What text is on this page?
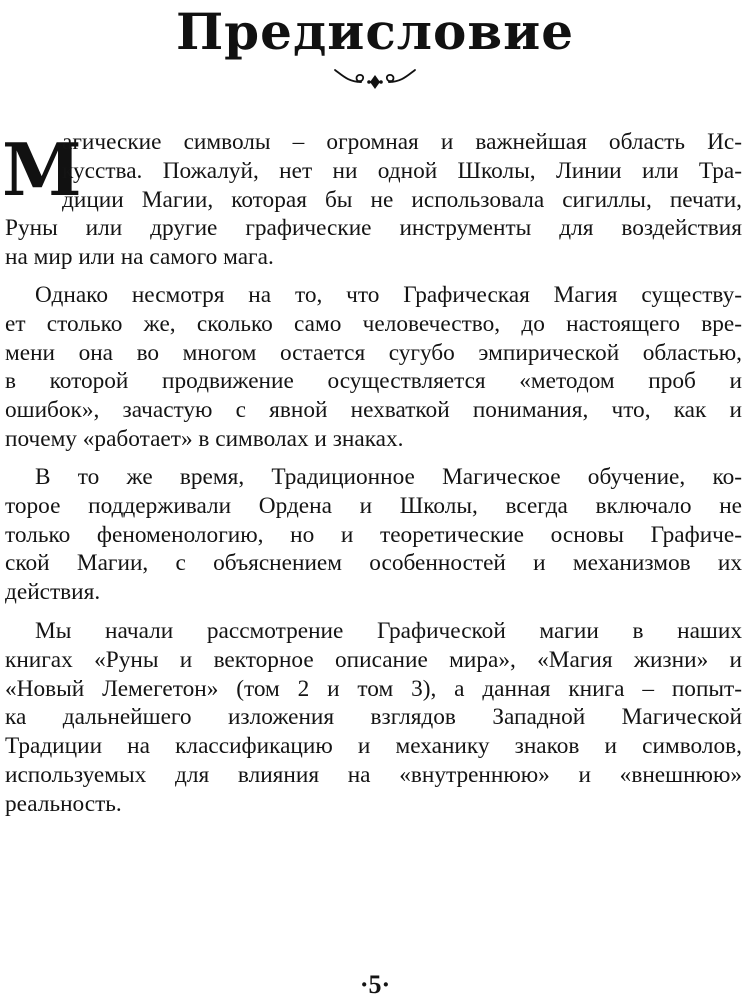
Предисловие
М
агические символы – огромная и важнейшая область Ис-
кусства. Пожалуй, нет ни одной Школы, Линии или Тра-
диции Магии, которая бы не использовала сигиллы, печати,
Руны или другие графические инструменты для воздействия
на мир или на самого мага.
Однако несмотря на то, что Графическая Магия существу-
ет столько же, сколько само человечество, до настоящего вре-
мени она во многом остается сугубо эмпирической областью,
в которой продвижение осуществляется «методом проб и
ошибок», зачастую с явной нехваткой понимания, что, как и
почему «работает» в символах и знаках.
В то же время, Традиционное Магическое обучение, ко-
торое поддерживали Ордена и Школы, всегда включало не
только феноменологию, но и теоретические основы Графиче-
ской Магии, с объяснением особенностей и механизмов их
действия.
Мы начали рассмотрение Графической магии в наших
книгах «Руны и векторное описание мира», «Магия жизни» и
«Новый Лемегетон» (том 2 и том 3), а данная книга – попыт-
ка дальнейшего изложения взглядов Западной Магической
Традиции на классификацию и механику знаков и символов,
используемых для влияния на «внутреннюю» и «внешнюю»
реальность.
·5·
